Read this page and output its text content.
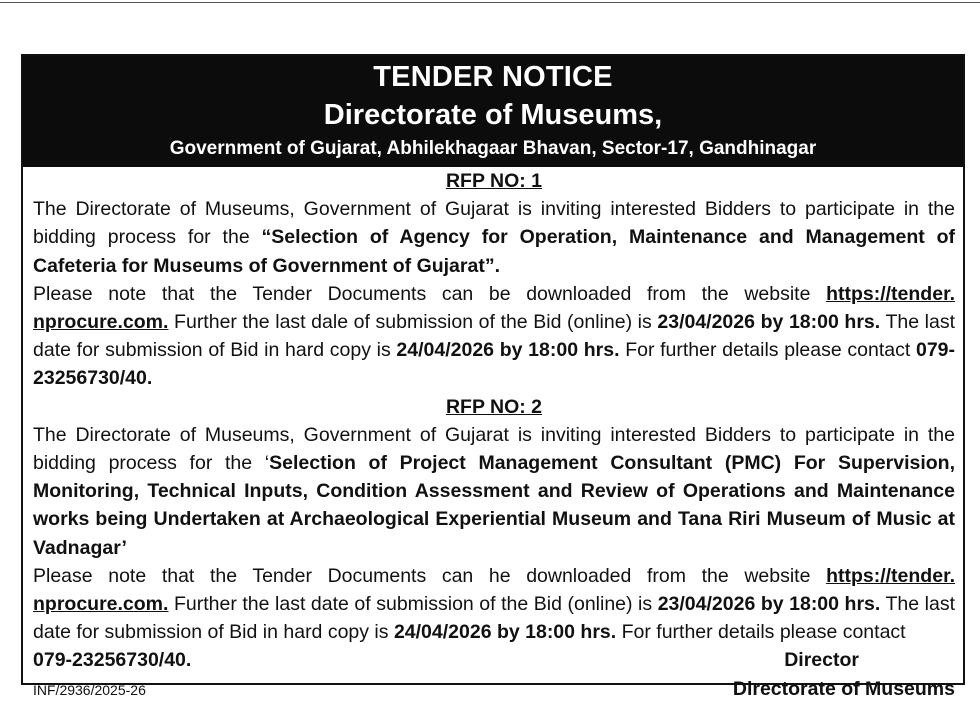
TENDER NOTICE
Directorate of Museums,
Government of Gujarat, Abhilekhagaar Bhavan, Sector-17, Gandhinagar
RFP NO: 1
The Directorate of Museums, Government of Gujarat is inviting interested Bidders to participate in the bidding process for the “Selection of Agency for Operation, Maintenance and Management of Cafeteria for Museums of Government of Gujarat”.
Please note that the Tender Documents can be downloaded from the website https://tender. nprocure.com. Further the last dale of submission of the Bid (online) is 23/04/2026 by 18:00 hrs. The last date for submission of Bid in hard copy is 24/04/2026 by 18:00 hrs. For further details please contact 079-23256730/40.
RFP NO: 2
The Directorate of Museums, Government of Gujarat is inviting interested Bidders to participate in the bidding process for the ‘Selection of Project Management Consultant (PMC) For Supervision, Monitoring, Technical Inputs, Condition Assessment and Review of Operations and Maintenance works being Undertaken at Archaeological Experiential Museum and Tana Riri Museum of Music at Vadnagar’
Please note that the Tender Documents can he downloaded from the website https://tender. nprocure.com. Further the last date of submission of the Bid (online) is 23/04/2026 by 18:00 hrs. The last date for submission of Bid in hard copy is 24/04/2026 by 18:00 hrs. For further details please contact
079-23256730/40.	Director
INF/2936/2025-26	Directorate of Museums
